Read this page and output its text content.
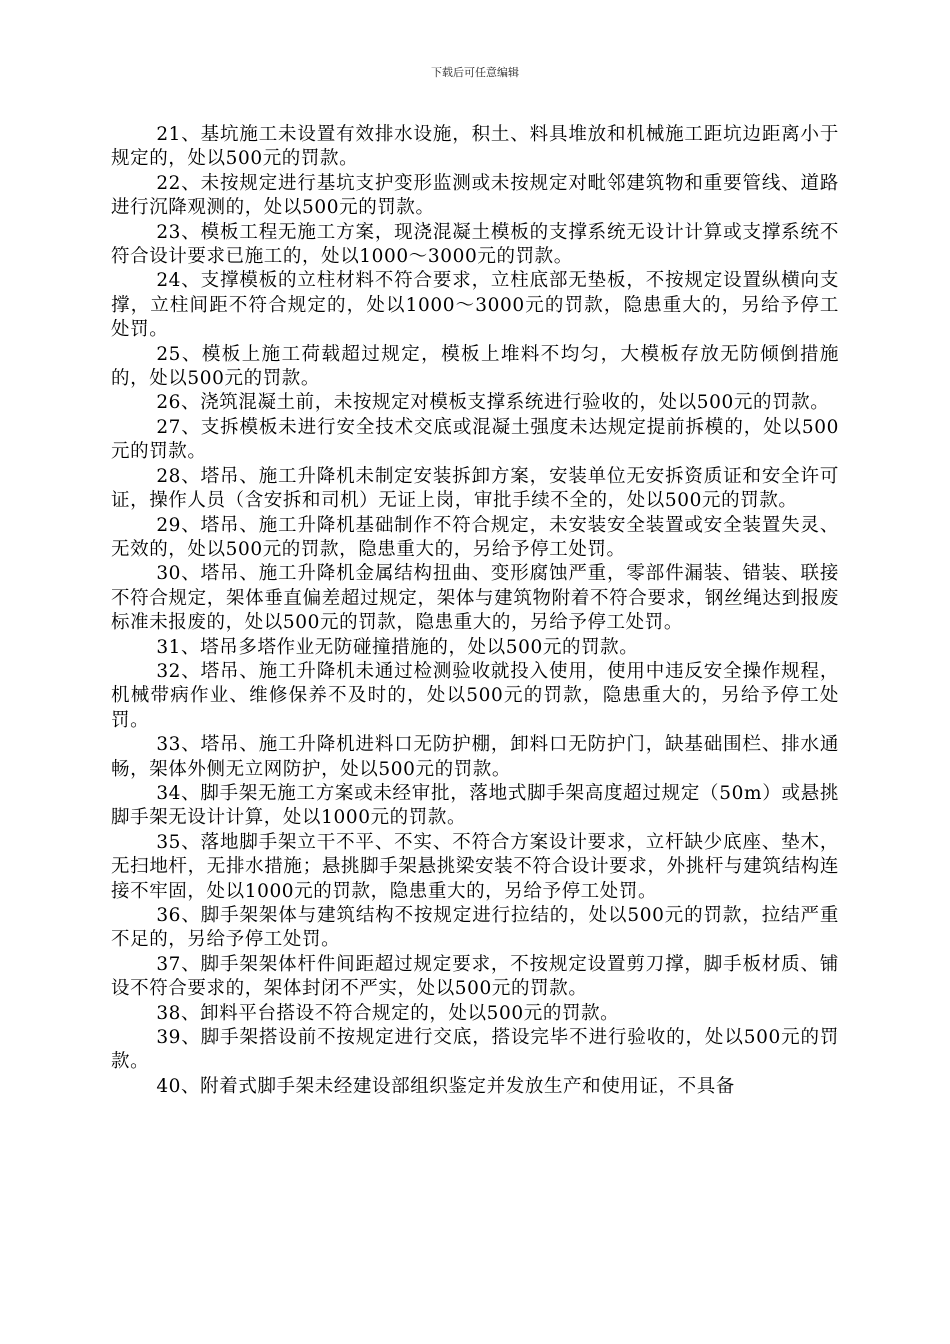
下载后可任意编辑

21、基坑施工未设置有效排水设施，积土、料具堆放和机械施工距坑边距离小于规定的，处以500元的罚款。

22、未按规定进行基坑支护变形监测或未按规定对毗邻建筑物和重要管线、道路进行沉降观测的，处以500元的罚款。

23、模板工程无施工方案，现浇混凝土模板的支撑系统无设计计算或支撑系统不符合设计要求已施工的，处以1000～3000元的罚款。

24、支撑模板的立柱材料不符合要求，立柱底部无垫板，不按规定设置纵横向支撑，立柱间距不符合规定的，处以1000～3000元的罚款，隐患重大的，另给予停工处罚。

25、模板上施工荷载超过规定，模板上堆料不均匀，大模板存放无防倾倒措施的，处以500元的罚款。

26、浇筑混凝土前，未按规定对模板支撑系统进行验收的，处以500元的罚款。

27、支拆模板未进行安全技术交底或混凝土强度未达规定提前拆模的，处以500元的罚款。

28、塔吊、施工升降机未制定安装拆卸方案，安装单位无安拆资质证和安全许可证，操作人员（含安拆和司机）无证上岗，审批手续不全的，处以500元的罚款。

29、塔吊、施工升降机基础制作不符合规定，未安装安全装置或安全装置失灵、无效的，处以500元的罚款，隐患重大的，另给予停工处罚。

30、塔吊、施工升降机金属结构扭曲、变形腐蚀严重，零部件漏装、错装、联接不符合规定，架体垂直偏差超过规定，架体与建筑物附着不符合要求，钢丝绳达到报废标准未报废的，处以500元的罚款，隐患重大的，另给予停工处罚。

31、塔吊多塔作业无防碰撞措施的，处以500元的罚款。

32、塔吊、施工升降机未通过检测验收就投入使用，使用中违反安全操作规程，机械带病作业、维修保养不及时的，处以500元的罚款，隐患重大的，另给予停工处罚。

33、塔吊、施工升降机进料口无防护棚，卸料口无防护门，缺基础围栏、排水通畅，架体外侧无立网防护，处以500元的罚款。

34、脚手架无施工方案或未经审批，落地式脚手架高度超过规定（50m）或悬挑脚手架无设计计算，处以1000元的罚款。

35、落地脚手架立干不平、不实、不符合方案设计要求，立杆缺少底座、垫木，无扫地杆，无排水措施；悬挑脚手架悬挑梁安装不符合设计要求，外挑杆与建筑结构连接不牢固，处以1000元的罚款，隐患重大的，另给予停工处罚。

36、脚手架架体与建筑结构不按规定进行拉结的，处以500元的罚款，拉结严重不足的，另给予停工处罚。

37、脚手架架体杆件间距超过规定要求，不按规定设置剪刀撑，脚手板材质、铺设不符合要求的，架体封闭不严实，处以500元的罚款。

38、卸料平台搭设不符合规定的，处以500元的罚款。

39、脚手架搭设前不按规定进行交底，搭设完毕不进行验收的，处以500元的罚款。

40、附着式脚手架未经建设部组织鉴定并发放生产和使用证，不具备
